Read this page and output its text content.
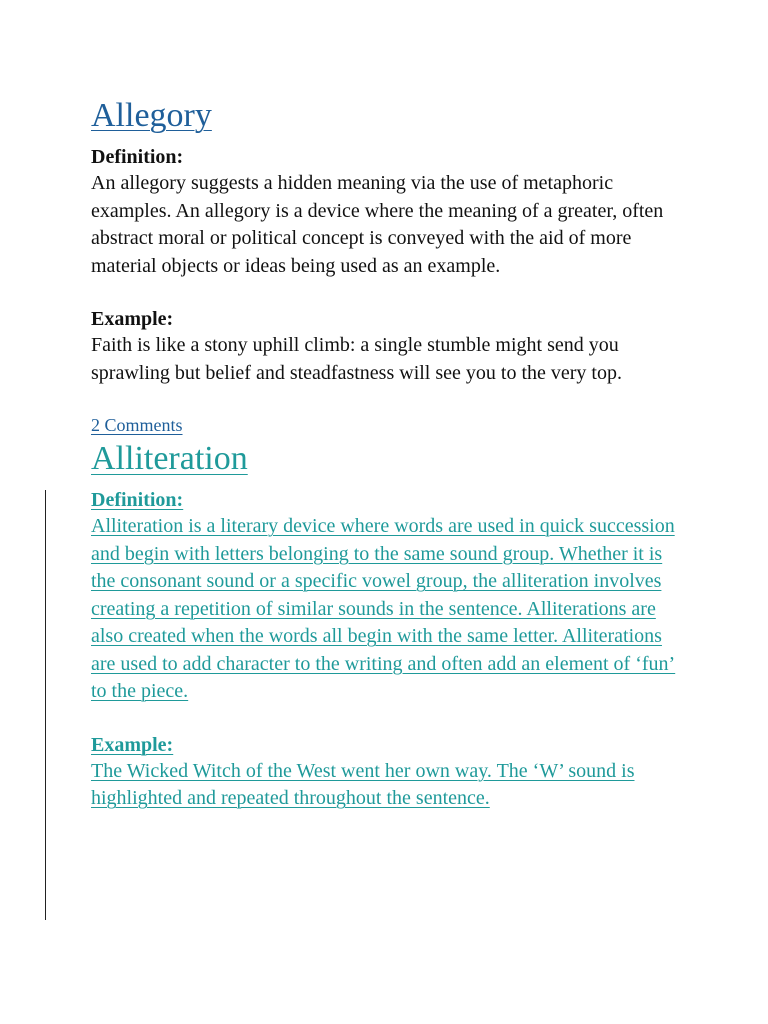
Allegory

Definition:

An allegory suggests a hidden meaning via the use of metaphoric examples. An allegory is a device where the meaning of a greater, often abstract moral or political concept is conveyed with the aid of more material objects or ideas being used as an example.

Example:

Faith is like a stony uphill climb: a single stumble might send you sprawling but belief and steadfastness will see you to the very top.

2 Comments

Alliteration

Definition:

Alliteration is a literary device where words are used in quick succession and begin with letters belonging to the same sound group. Whether it is the consonant sound or a specific vowel group, the alliteration involves creating a repetition of similar sounds in the sentence. Alliterations are also created when the words all begin with the same letter. Alliterations are used to add character to the writing and often add an element of ‘fun’ to the piece.

Example:

The Wicked Witch of the West went her own way. The ‘W’ sound is highlighted and repeated throughout the sentence.
